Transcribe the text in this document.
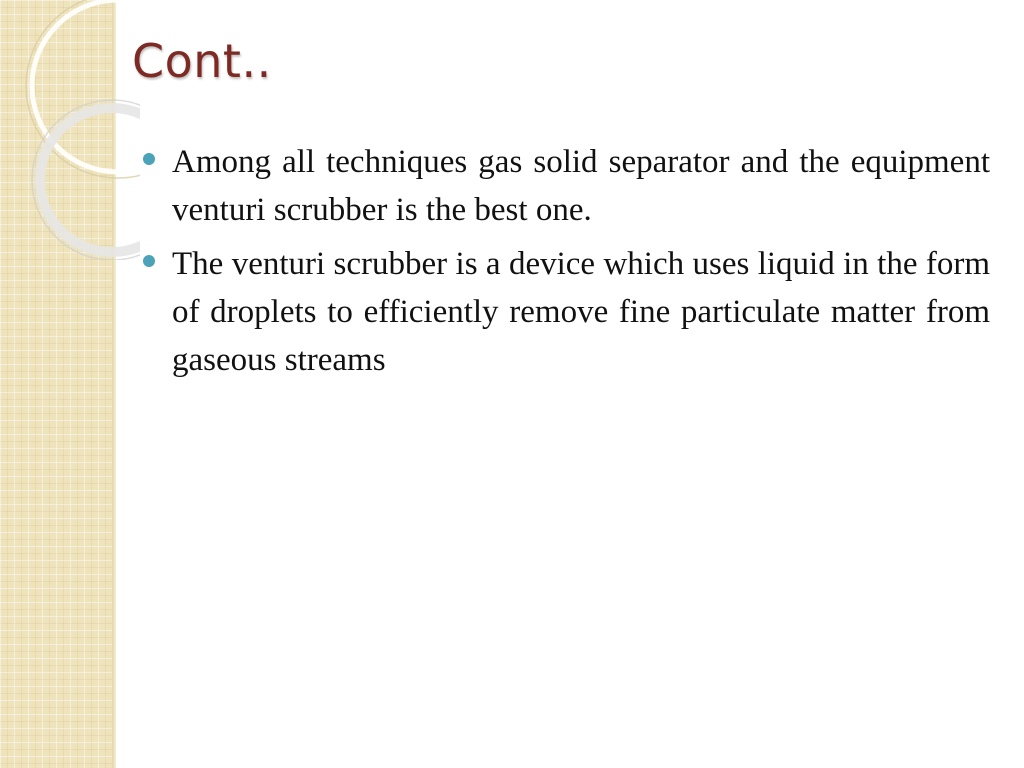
Cont..
Among all techniques gas solid separator and the equipment venturi scrubber is the best one.
The venturi scrubber is a device which uses liquid in the form of droplets to efficiently remove fine particulate matter from gaseous streams
